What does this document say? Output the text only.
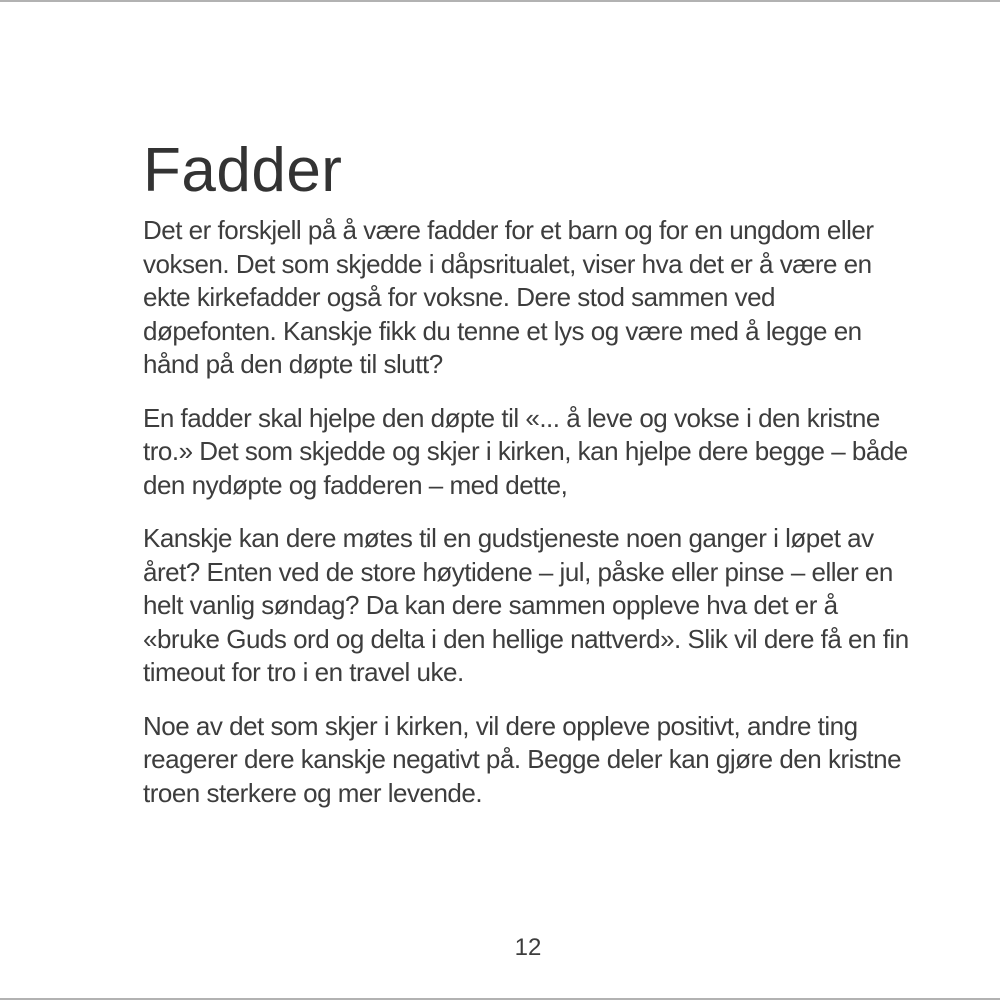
Fadder

Det er forskjell på å være fadder for et barn og for en ungdom eller voksen. Det som skjedde i dåpsritualet, viser hva det er å være en ekte kirkefadder også for voksne. Dere stod sammen ved døpefonten. Kanskje fikk du tenne et lys og være med å legge en hånd på den døpte til slutt?

En fadder skal hjelpe den døpte til «... å leve og vokse i den kristne tro.» Det som skjedde og skjer i kirken, kan hjelpe dere begge – både den nydøpte og fadderen – med dette,

Kanskje kan dere møtes til en gudstjeneste noen ganger i løpet av året? Enten ved de store høytidene – jul, påske eller pinse – eller en helt vanlig søndag? Da kan dere sammen oppleve hva det er å «bruke Guds ord og delta i den hellige nattverd». Slik vil dere få en fin timeout for tro i en travel uke.

Noe av det som skjer i kirken, vil dere oppleve positivt, andre ting reagerer dere kanskje negativt på. Begge deler kan gjøre den kristne troen sterkere og mer levende.

12
